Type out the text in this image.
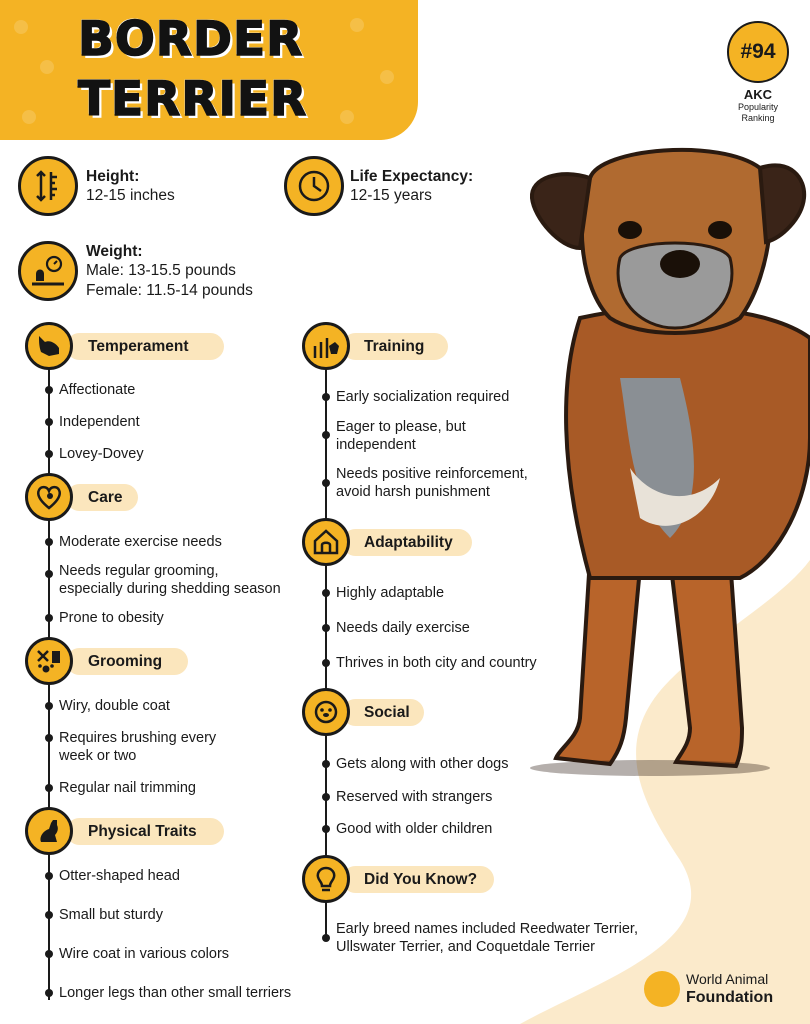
BORDER
TERRIER
#94
AKC
Popularity
Ranking
Height:
12-15 inches
Life Expectancy:
12-15 years
Weight:
Male: 13-15.5 pounds
Female: 11.5-14 pounds
Temperament
Affectionate
Independent
Lovey-Dovey
Care
Moderate exercise needs
Needs regular grooming,
especially during shedding season
Prone to obesity
Grooming
Wiry, double coat
Requires brushing every
week or two
Regular nail trimming
Physical Traits
Otter-shaped head
Small but sturdy
Wire coat in various colors
Longer legs than other small terriers
Training
Early socialization required
Eager to please, but
independent
Needs positive reinforcement,
avoid harsh punishment
Adaptability
Highly adaptable
Needs daily exercise
Thrives in both city and country
Social
Gets along with other dogs
Reserved with strangers
Good with older children
Did You Know?
Early breed names included Reedwater Terrier,
Ullswater Terrier, and Coquetdale Terrier
World Animal
Foundation
